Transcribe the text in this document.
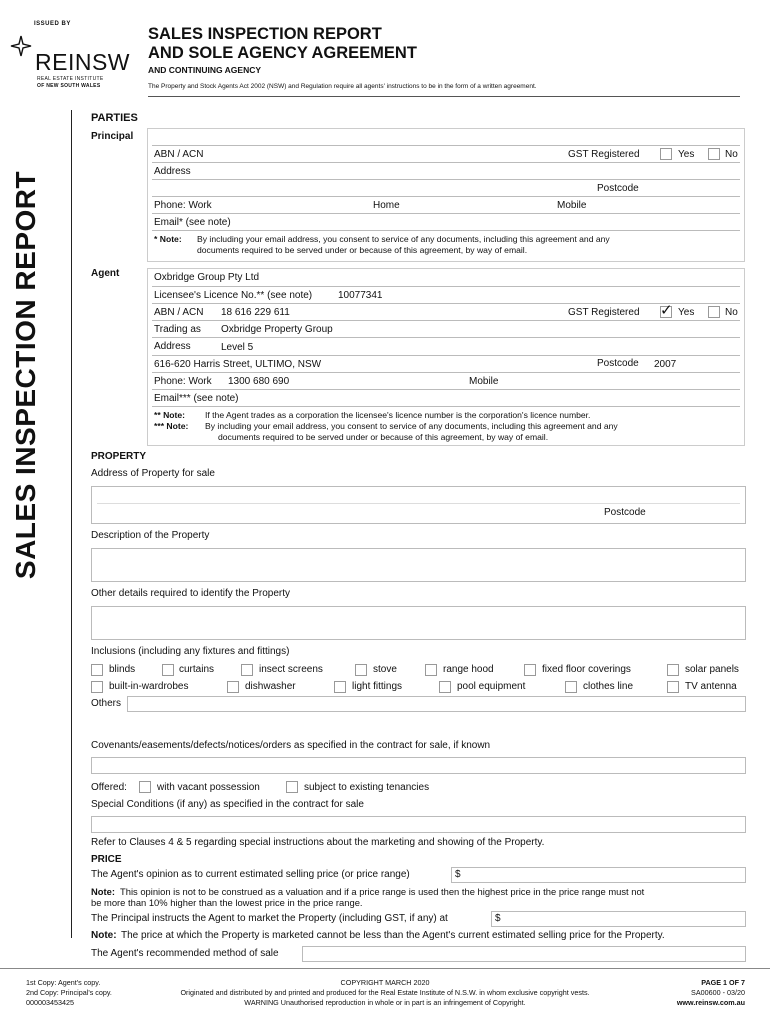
ISSUED BY
REINSW
REAL ESTATE INSTITUTE
OF NEW SOUTH WALES
SALES INSPECTION REPORT
AND SOLE AGENCY AGREEMENT
AND CONTINUING AGENCY
The Property and Stock Agents Act 2002 (NSW) and Regulation require all agents' instructions to be in the form of a written agreement.
SALES INSPECTION REPORT
PARTIES
Principal
ABN / ACN	GST Registered	Yes	No
Address
Postcode
Phone: Work	Home	Mobile
Email* (see note)
* Note: By including your email address, you consent to service of any documents, including this agreement and any
documents required to be served under or because of this agreement, by way of email.
Agent	Oxbridge Group Pty Ltd
Licensee's Licence No.** (see note)	10077341
ABN / ACN 18 616 229 611	GST Registered ✓ Yes	No
Trading as Oxbridge Property Group
Address	Level 5
616-620 Harris Street, ULTIMO, NSW	Postcode 2007
Phone: Work 1300 680 690	Mobile
Email*** (see note)
** Note: If the Agent trades as a corporation the licensee's licence number is the corporation's licence number.
*** Note: By including your email address, you consent to service of any documents, including this agreement and any
documents required to be served under or because of this agreement, by way of email.
PROPERTY
Address of Property for sale
Postcode
Description of the Property
Other details required to identify the Property
Inclusions (including any fixtures and fittings)
blinds	curtains	insect screens	stove	range hood	fixed floor coverings	solar panels
built-in-wardrobes	dishwasher	light fittings	pool equipment	clothes line	TV antenna
Others
Covenants/easements/defects/notices/orders as specified in the contract for sale, if known
Offered:	with vacant possession	subject to existing tenancies
Special Conditions (if any) as specified in the contract for sale
Refer to Clauses 4 & 5 regarding special instructions about the marketing and showing of the Property.
PRICE
The Agent's opinion as to current estimated selling price (or price range)	$
Note: This opinion is not to be construed as a valuation and if a price range is used then the highest price in the price range must not
be more than 10% higher than the lowest price in the price range.
The Principal instructs the Agent to market the Property (including GST, if any) at	$
Note: The price at which the Property is marketed cannot be less than the Agent's current estimated selling price for the Property.
The Agent's recommended method of sale
1st Copy: Agent's copy.
2nd Copy: Principal's copy.
000003453425
COPYRIGHT MARCH 2020
Originated and distributed by and printed and produced for the Real Estate Institute of N.S.W. in whom exclusive copyright vests.
WARNING Unauthorised reproduction in whole or in part is an infringement of Copyright.
PAGE 1 OF 7
SA00600 - 03/20
www.reinsw.com.au
